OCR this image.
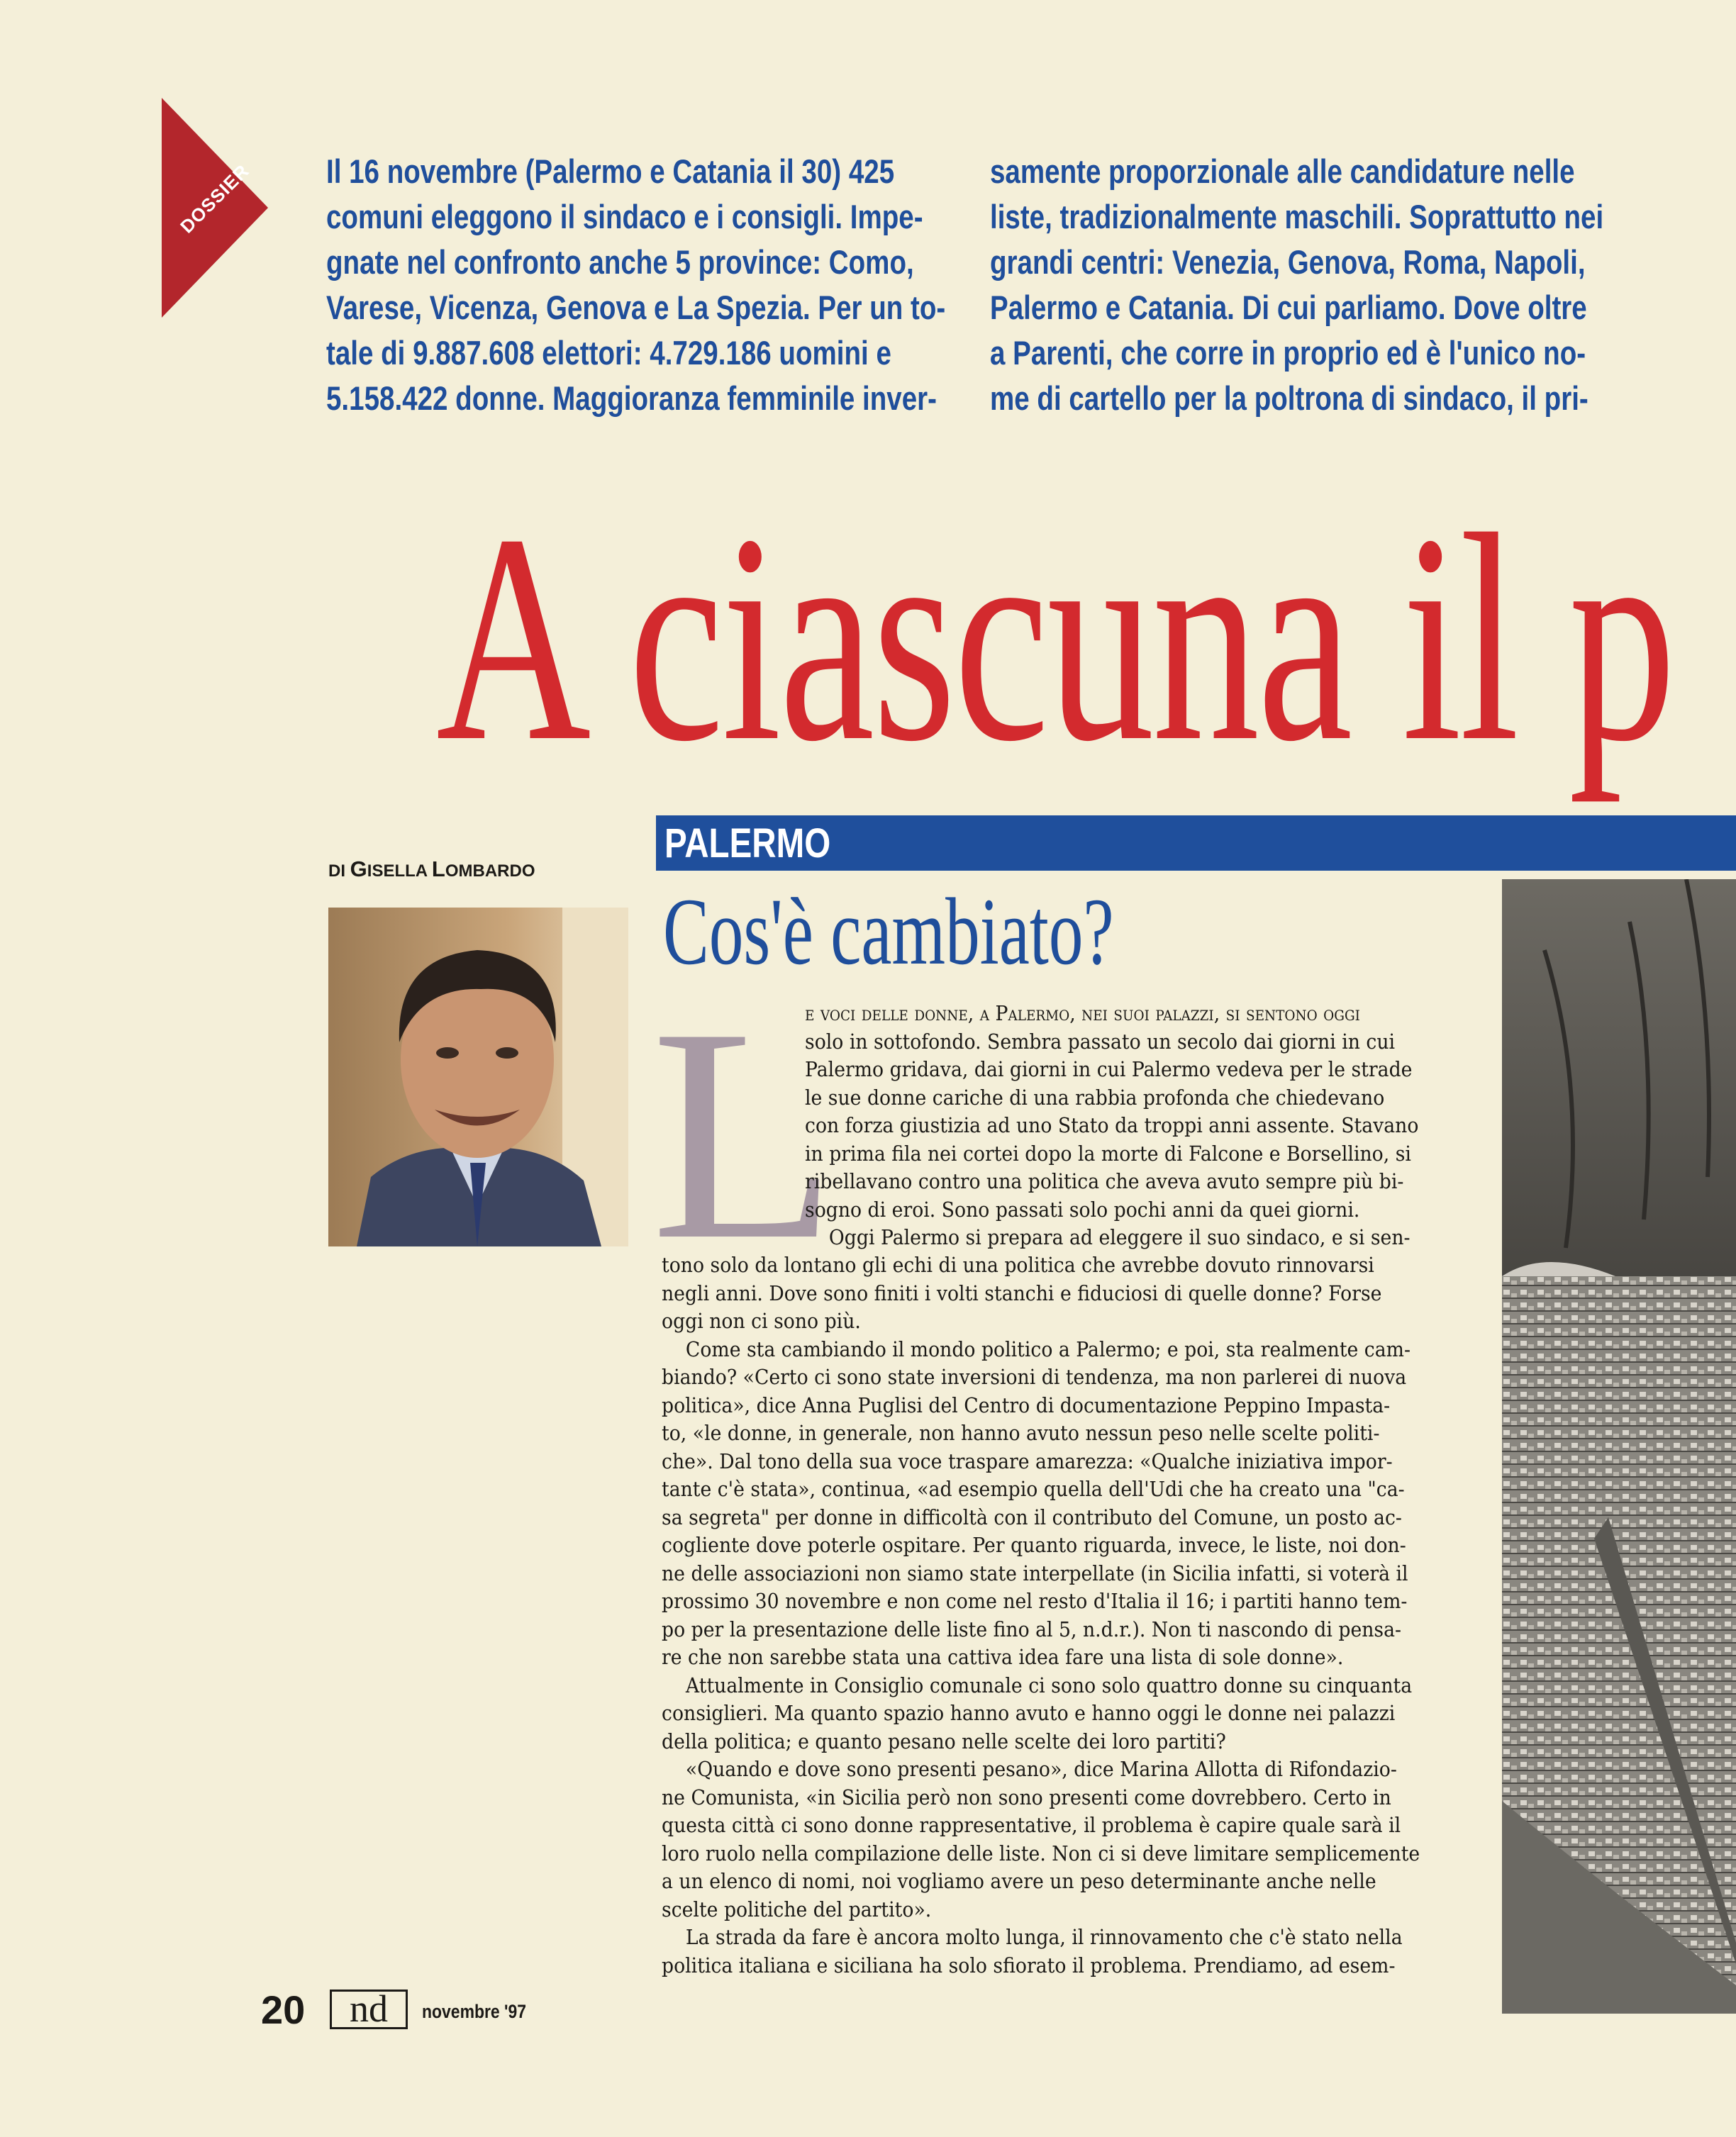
DOSSIER Il 16 novembre (Palermo e Catania il 30) 425
comuni eleggono il sindaco e i consigli. Impe-
gnate nel confronto anche 5 province: Como,
Varese, Vicenza, Genova e La Spezia. Per un to-
tale di 9.887.608 elettori: 4.729.186 uomini e
5.158.422 donne. Maggioranza femminile inver-
samente proporzionale alle candidature nelle
liste, tradizionalmente maschili. Soprattutto nei
grandi centri: Venezia, Genova, Roma, Napoli,
Palermo e Catania. Di cui parliamo. Dove oltre
a Parenti, che corre in proprio ed è l'unico no-
me di cartello per la poltrona di sindaco, il pri-
A ciascuna il p
PALERMO
DI GISELLA LOMBARDO
Cos'è cambiato?
L
e voci delle donne, a Palermo, nei suoi palazzi, si sentono oggi
solo in sottofondo. Sembra passato un secolo dai giorni in cui
Palermo gridava, dai giorni in cui Palermo vedeva per le strade
le sue donne cariche di una rabbia profonda che chiedevano
con forza giustizia ad uno Stato da troppi anni assente. Stavano
in prima fila nei cortei dopo la morte di Falcone e Borsellino, si
ribellavano contro una politica che aveva avuto sempre più bi-
sogno di eroi. Sono passati solo pochi anni da quei giorni.
Oggi Palermo si prepara ad eleggere il suo sindaco, e si sen-
tono solo da lontano gli echi di una politica che avrebbe dovuto rinnovarsi
negli anni. Dove sono finiti i volti stanchi e fiduciosi di quelle donne? Forse
oggi non ci sono più.
Come sta cambiando il mondo politico a Palermo; e poi, sta realmente cam-
biando? «Certo ci sono state inversioni di tendenza, ma non parlerei di nuova
politica», dice Anna Puglisi del Centro di documentazione Peppino Impasta-
to, «le donne, in generale, non hanno avuto nessun peso nelle scelte politi-
che». Dal tono della sua voce traspare amarezza: «Qualche iniziativa impor-
tante c'è stata», continua, «ad esempio quella dell'Udi che ha creato una "ca-
sa segreta" per donne in difficoltà con il contributo del Comune, un posto ac-
cogliente dove poterle ospitare. Per quanto riguarda, invece, le liste, noi don-
ne delle associazioni non siamo state interpellate (in Sicilia infatti, si voterà il
prossimo 30 novembre e non come nel resto d'Italia il 16; i partiti hanno tem-
po per la presentazione delle liste fino al 5, n.d.r.). Non ti nascondo di pensa-
re che non sarebbe stata una cattiva idea fare una lista di sole donne».
Attualmente in Consiglio comunale ci sono solo quattro donne su cinquanta
consiglieri. Ma quanto spazio hanno avuto e hanno oggi le donne nei palazzi
della politica; e quanto pesano nelle scelte dei loro partiti?
«Quando e dove sono presenti pesano», dice Marina Allotta di Rifondazio-
ne Comunista, «in Sicilia però non sono presenti come dovrebbero. Certo in
questa città ci sono donne rappresentative, il problema è capire quale sarà il
loro ruolo nella compilazione delle liste. Non ci si deve limitare semplicemente
a un elenco di nomi, noi vogliamo avere un peso determinante anche nelle
scelte politiche del partito».
La strada da fare è ancora molto lunga, il rinnovamento che c'è stato nella
politica italiana e siciliana ha solo sfiorato il problema. Prendiamo, ad esem-
20	nd	novembre '97
